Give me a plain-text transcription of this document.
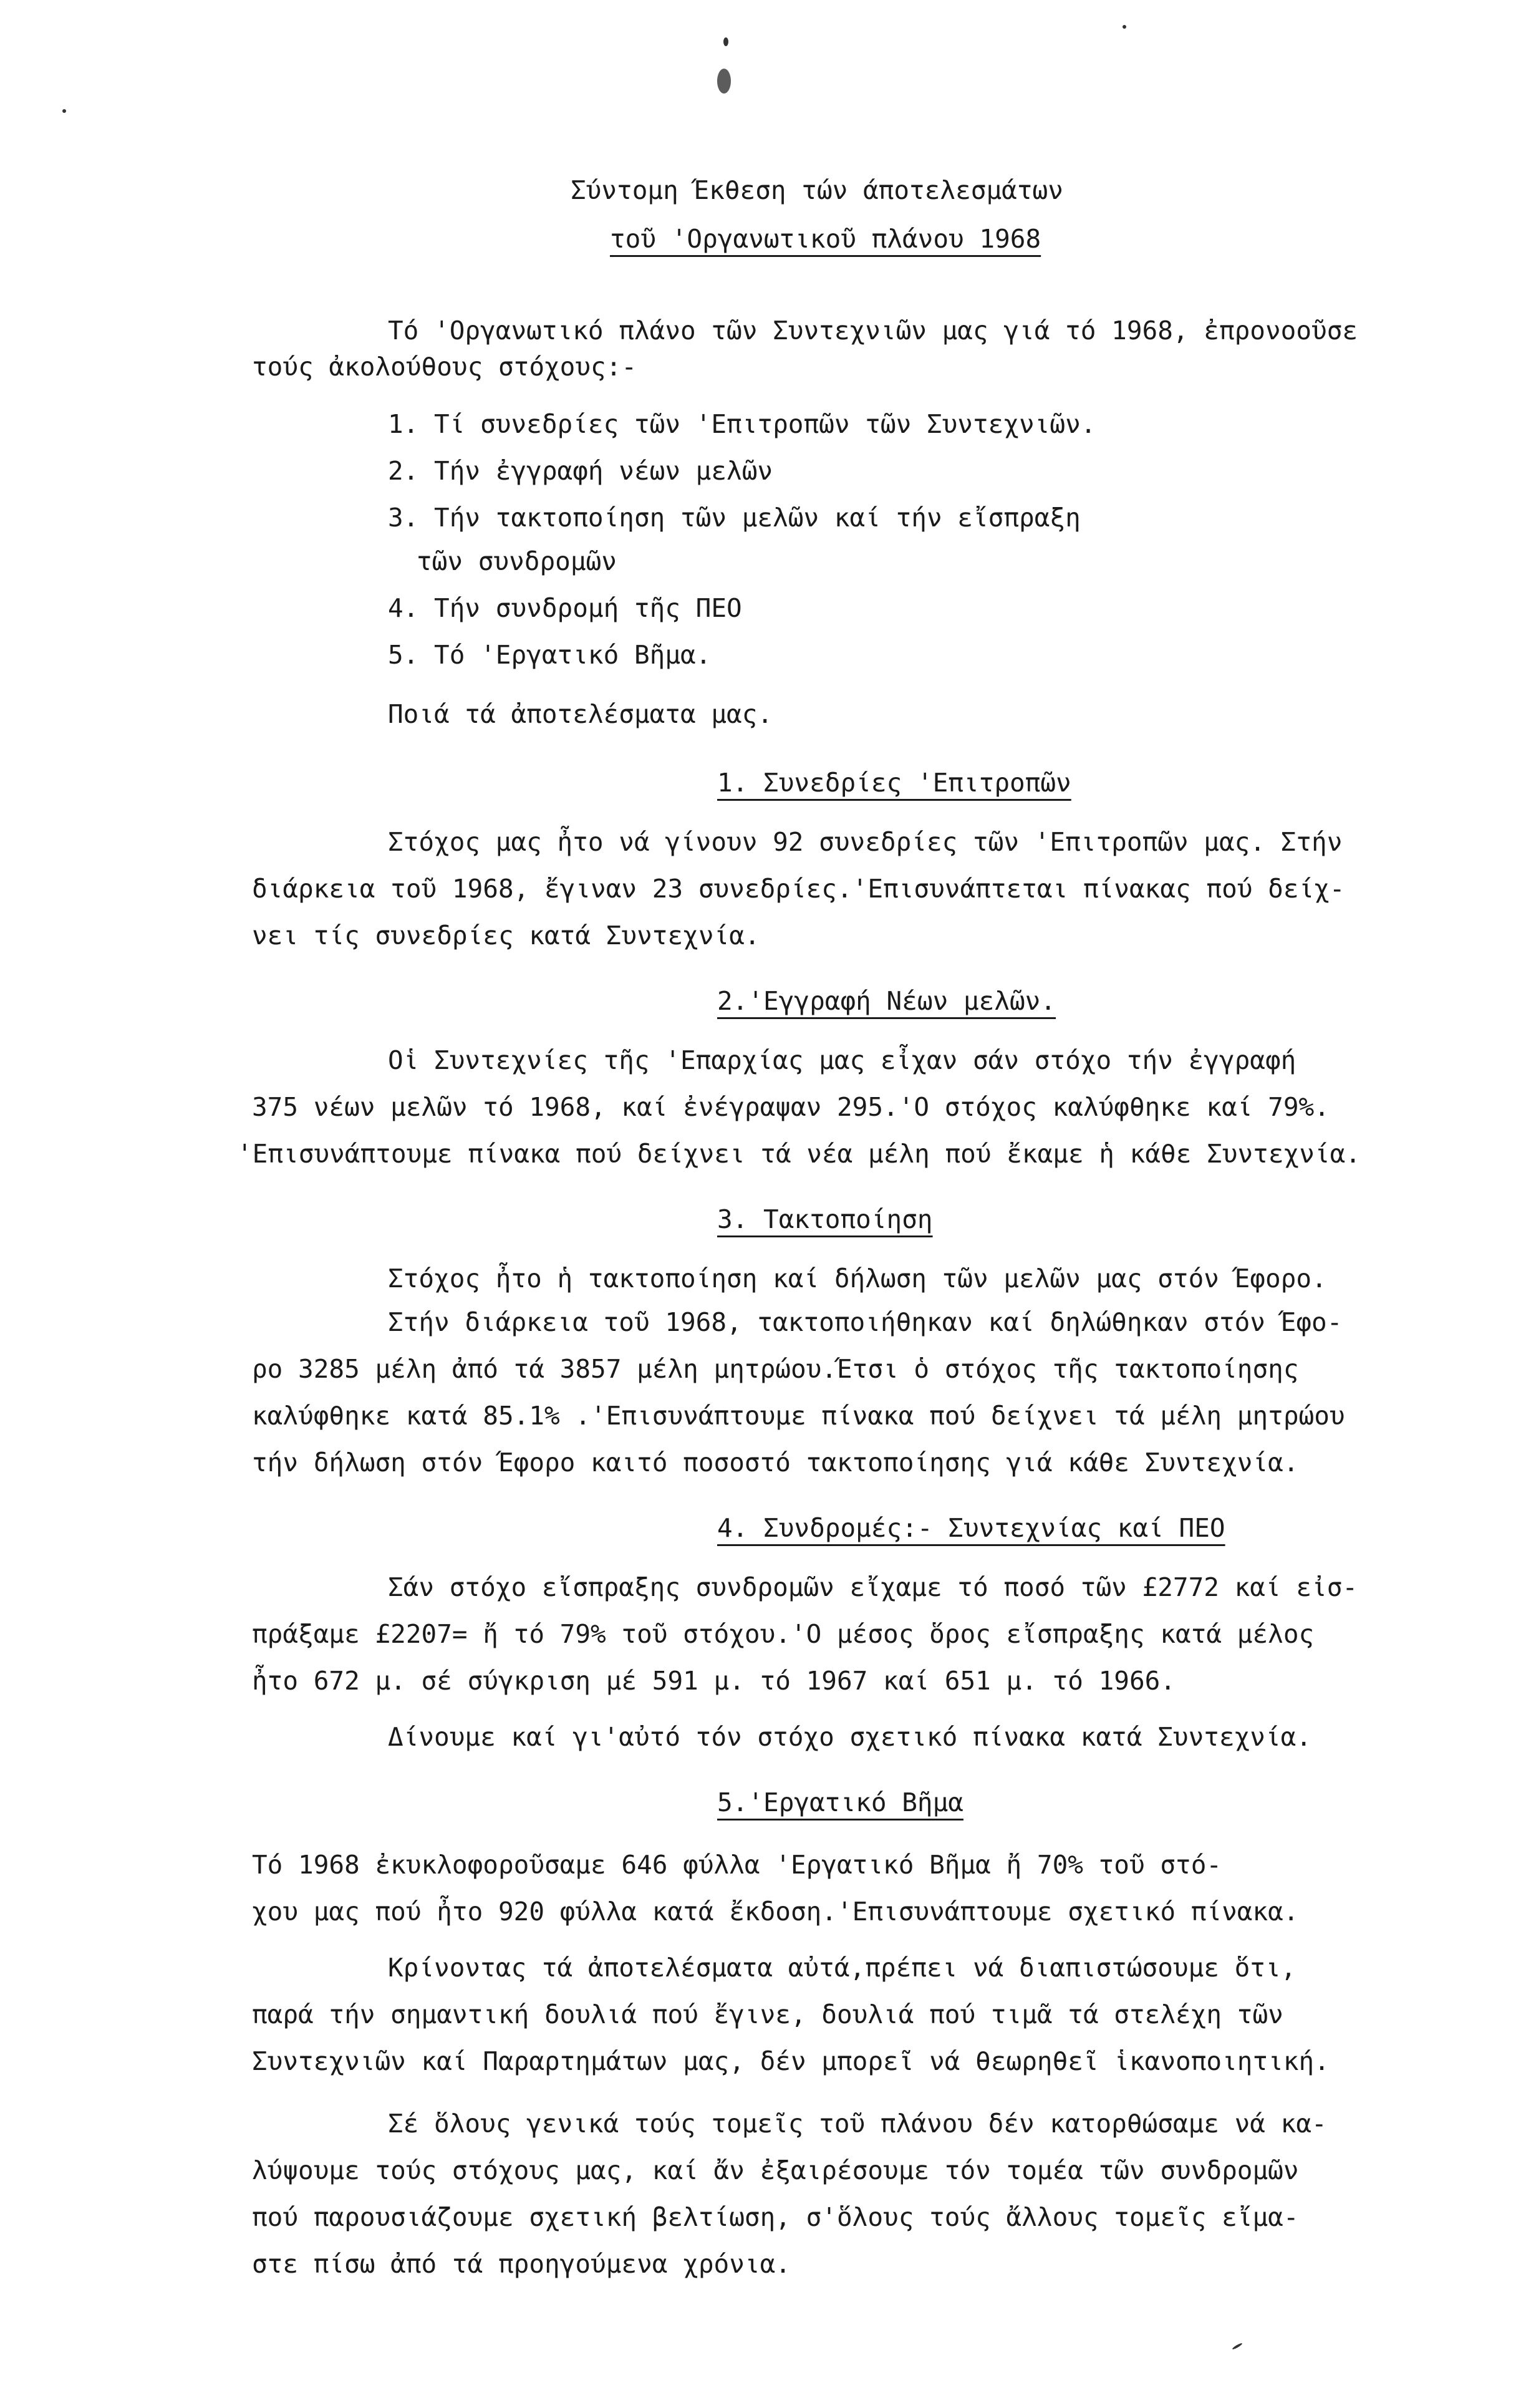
Σύντομη Έκθεση τών άποτελεσμάτων
τοῦ 'Οργανωτικοῦ πλάνου 1968
Τό 'Οργανωτικό πλάνο τῶν Συντεχνιῶν μας γιά τό 1968, ἐπρονοοῦσε
τούς ἀκολούθους στόχους:-
1. Τί συνεδρίες τῶν 'Επιτροπῶν τῶν Συντεχνιῶν.
2. Τήν ἐγγραφή νέων μελῶν
3. Τήν τακτοποίηση τῶν μελῶν καί τήν εἴσπραξη
τῶν συνδρομῶν
4. Τήν συνδρομή τῆς ΠΕΟ
5. Τό 'Εργατικό Βῆμα.
Ποιά τά ἀποτελέσματα μας.
1. Συνεδρίες 'Επιτροπῶν
Στόχος μας ἦτο νά γίνουν 92 συνεδρίες τῶν 'Επιτροπῶν μας. Στήν
διάρκεια τοῦ 1968, ἔγιναν 23 συνεδρίες.'Επισυνάπτεται πίνακας πού δείχ-
νει τίς συνεδρίες κατά Συντεχνία.
2.'Εγγραφή Νέων μελῶν.
Οἱ Συντεχνίες τῆς 'Επαρχίας μας εἶχαν σάν στόχο τήν ἐγγραφή
375 νέων μελῶν τό 1968, καί ἐνέγραψαν 295.'Ο στόχος καλύφθηκε καί 79%.
'Επισυνάπτουμε πίνακα πού δείχνει τά νέα μέλη πού ἔκαμε ἡ κάθε Συντεχνία.
3. Τακτοποίηση
Στόχος ἦτο ἡ τακτοποίηση καί δήλωση τῶν μελῶν μας στόν Έφορο.
Στήν διάρκεια τοῦ 1968, τακτοποιήθηκαν καί δηλώθηκαν στόν Έφο-
ρο 3285 μέλη ἀπό τά 3857 μέλη μητρώου.Έτσι ὁ στόχος τῆς τακτοποίησης
καλύφθηκε κατά 85.1% .'Επισυνάπτουμε πίνακα πού δείχνει τά μέλη μητρώου
τήν δήλωση στόν Έφορο καιτό ποσοστό τακτοποίησης γιά κάθε Συντεχνία.
4. Συνδρομές:- Συντεχνίας καί ΠΕΟ
Σάν στόχο εἴσπραξης συνδρομῶν εἴχαμε τό ποσό τῶν £2772 καί εἰσ-
πράξαμε £2207= ἤ τό 79% τοῦ στόχου.'Ο μέσος ὅρος εἴσπραξης κατά μέλος
ἦτο 672 μ. σέ σύγκριση μέ 591 μ. τό 1967 καί 651 μ. τό 1966.
Δίνουμε καί γι'αὐτό τόν στόχο σχετικό πίνακα κατά Συντεχνία.
5.'Εργατικό Βῆμα
Τό 1968 ἐκυκλοφοροῦσαμε 646 φύλλα 'Εργατικό Βῆμα ἤ 70% τοῦ στό-
χου μας πού ἦτο 920 φύλλα κατά ἔκδοση.'Επισυνάπτουμε σχετικό πίνακα.
Κρίνοντας τά ἀποτελέσματα αὐτά,πρέπει νά διαπιστώσουμε ὅτι,
παρά τήν σημαντική δουλιά πού ἔγινε, δουλιά πού τιμᾶ τά στελέχη τῶν
Συντεχνιῶν καί Παραρτημάτων μας, δέν μπορεῖ νά θεωρηθεῖ ἱκανοποιητική.
Σέ ὅλους γενικά τούς τομεῖς τοῦ πλάνου δέν κατορθώσαμε νά κα-
λύψουμε τούς στόχους μας, καί ἄν ἐξαιρέσουμε τόν τομέα τῶν συνδρομῶν
πού παρουσιάζουμε σχετική βελτίωση, σ'ὅλους τούς ἄλλους τομεῖς εἴμα-
στε πίσω ἀπό τά προηγούμενα χρόνια.
